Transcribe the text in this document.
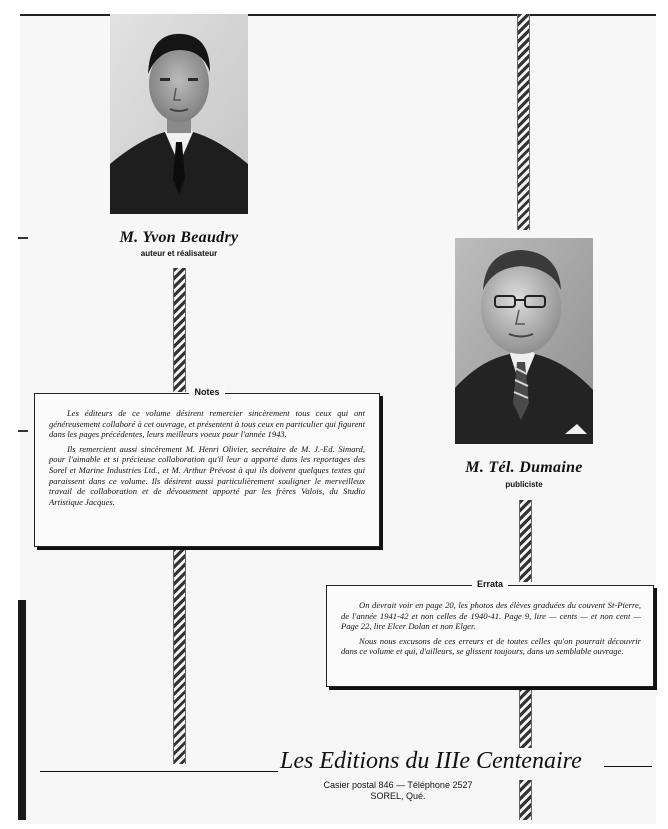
M. Yvon Beaudry
auteur et réalisateur
M. Tél. Dumaine
publiciste
Notes

Les éditeurs de ce volume désirent remercier sincèrement tous ceux qui ont généreusement collaboré à cet ouvrage, et présentent à tous ceux en particulier qui figurent dans les pages précédentes, leurs meilleurs voeux pour l'année 1943.

Ils remercient aussi sincèrement M. Henri Olivier, secrétaire de M. J.-Ed. Simard, pour l'aimable et si précieuse collaboration qu'il leur a apporté dans les reportages des Sorel et Marine Industries Ltd., et M. Arthur Prévost à qui ils doivent quelques textes qui paraissent dans ce volume. Ils désirent aussi particulièrement souligner le merveilleux travail de collaboration et de dévouement apporté par les frères Valois, du Studio Artistique Jacques.

Errata

On devrait voir en page 20, les photos des élèves graduées du couvent St-Pierre, de l'année 1941-42 et non celles de 1940-41. Page 9, lire — cents — et non cent — Page 22, lire Elcer Dolan et non Elger.

Nous nous excusons de ces erreurs et de toutes celles qu'on pourrait découvrir dans ce volume et qui, d'ailleurs, se glissent toujours, dans un semblable ouvrage.

Les Editions du IIIe Centenaire
Casier postal 846 — Téléphone 2527
SOREL, Qué.
